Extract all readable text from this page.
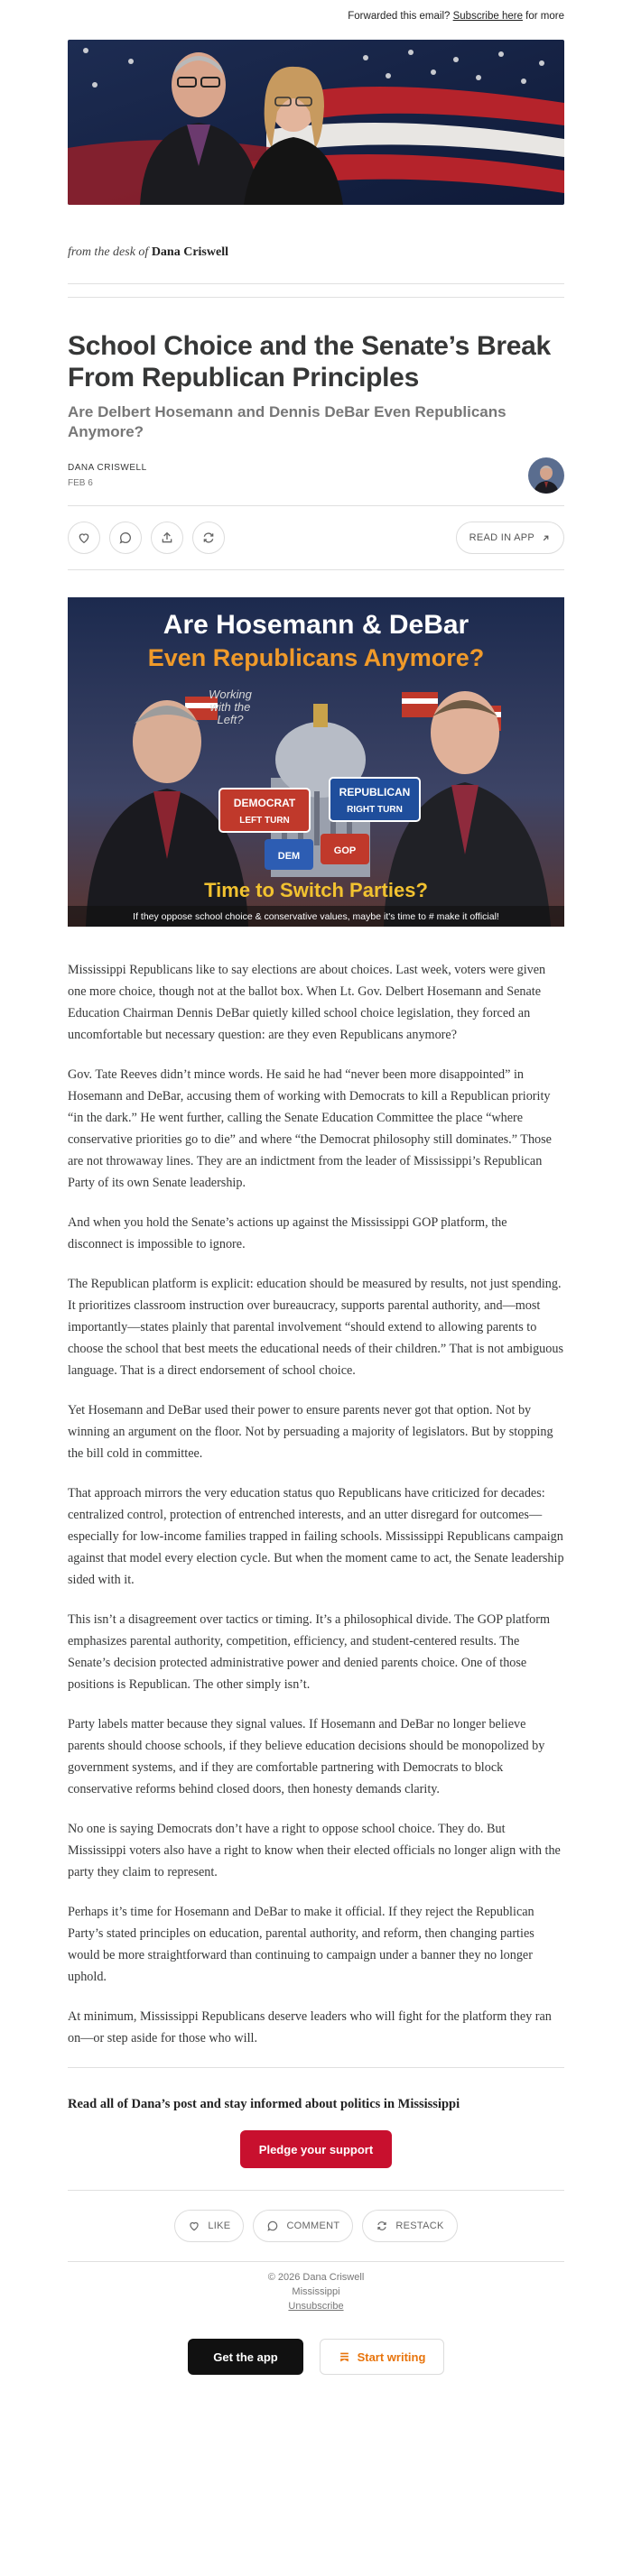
Forwarded this email? Subscribe here for more
from the desk of Dana Criswell
School Choice and the Senate’s Break From Republican Principles
Are Delbert Hosemann and Dennis DeBar Even Republicans Anymore?
DANA CRISWELL
FEB 6
READ IN APP
Are Hosemann & DeBar
Even Republicans Anymore?
Working
with the
Left?
DEMOCRAT
LEFT TURN
REPUBLICAN
RIGHT TURN
DEM	GOP
Time to Switch Parties?
If they oppose school choice & conservative values, maybe it's time to # make it official!

Mississippi Republicans like to say elections are about choices. Last week, voters were given one more choice, though not at the ballot box. When Lt. Gov. Delbert Hosemann and Senate Education Chairman Dennis DeBar quietly killed school choice legislation, they forced an uncomfortable but necessary question: are they even Republicans anymore?

Gov. Tate Reeves didn’t mince words. He said he had “never been more disappointed” in Hosemann and DeBar, accusing them of working with Democrats to kill a Republican priority “in the dark.” He went further, calling the Senate Education Committee the place “where conservative priorities go to die” and where “the Democrat philosophy still dominates.” Those are not throwaway lines. They are an indictment from the leader of Mississippi’s Republican Party of its own Senate leadership.

And when you hold the Senate’s actions up against the Mississippi GOP platform, the disconnect is impossible to ignore.

The Republican platform is explicit: education should be measured by results, not just spending. It prioritizes classroom instruction over bureaucracy, supports parental authority, and—most importantly—states plainly that parental involvement “should extend to allowing parents to choose the school that best meets the educational needs of their children.” That is not ambiguous language. That is a direct endorsement of school choice.

Yet Hosemann and DeBar used their power to ensure parents never got that option. Not by winning an argument on the floor. Not by persuading a majority of legislators. But by stopping the bill cold in committee.

That approach mirrors the very education status quo Republicans have criticized for decades: centralized control, protection of entrenched interests, and an utter disregard for outcomes—especially for low-income families trapped in failing schools. Mississippi Republicans campaign against that model every election cycle. But when the moment came to act, the Senate leadership sided with it.

This isn’t a disagreement over tactics or timing. It’s a philosophical divide. The GOP platform emphasizes parental authority, competition, efficiency, and student-centered results. The Senate’s decision protected administrative power and denied parents choice. One of those positions is Republican. The other simply isn’t.

Party labels matter because they signal values. If Hosemann and DeBar no longer believe parents should choose schools, if they believe education decisions should be monopolized by government systems, and if they are comfortable partnering with Democrats to block conservative reforms behind closed doors, then honesty demands clarity.

No one is saying Democrats don’t have a right to oppose school choice. They do. But Mississippi voters also have a right to know when their elected officials no longer align with the party they claim to represent.

Perhaps it’s time for Hosemann and DeBar to make it official. If they reject the Republican Party’s stated principles on education, parental authority, and reform, then changing parties would be more straightforward than continuing to campaign under a banner they no longer uphold.

At minimum, Mississippi Republicans deserve leaders who will fight for the platform they ran on—or step aside for those who will.

Read all of Dana’s post and stay informed about politics in Mississippi
Pledge your support
LIKE	COMMENT	RESTACK
© 2026 Dana Criswell
Mississippi
Unsubscribe
Get the app	Start writing
